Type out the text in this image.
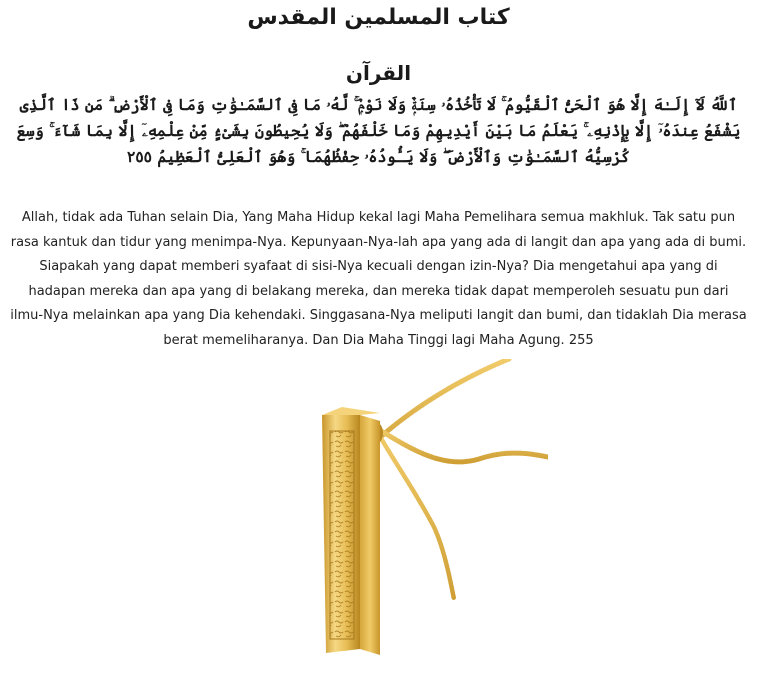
كتاب المسلمين المقدس
القرآن

ٱللَّهُ لَآ إِلَـٰهَ إِلَّا هُوَ ٱلْحَىُّ ٱلْقَيُّومُ ۚ لَا تَأْخُذُهُۥ سِنَةٌۭ وَلَا نَوْمٌۭ ۚ لَّهُۥ مَا فِى ٱلسَّمَـٰوَٰتِ وَمَا فِى ٱلْأَرْضِ ۗ مَن ذَا ٱلَّذِى يَشْفَعُ عِندَهُۥٓ إِلَّا بِإِذْنِهِۦ ۚ يَعْلَمُ مَا بَيْنَ أَيْدِيهِمْ وَمَا خَلْفَهُمْ ۖ وَلَا يُحِيطُونَ بِشَىْءٍۢ مِّنْ عِلْمِهِۦٓ إِلَّا بِمَا شَآءَ ۚ وَسِعَ كُرْسِيُّهُ ٱلسَّمَـٰوَٰتِ وَٱلْأَرْضَ ۖ وَلَا يَـُٔودُهُۥ حِفْظُهُمَا ۚ وَهُوَ ٱلْعَلِىُّ ٱلْعَظِيمُ ٢٥٥

Allah, tidak ada Tuhan selain Dia, Yang Maha Hidup kekal lagi Maha Pemelihara semua makhluk. Tak satu pun rasa kantuk dan tidur yang menimpa-Nya. Kepunyaan-Nya-lah apa yang ada di langit dan apa yang ada di bumi. Siapakah yang dapat memberi syafaat di sisi-Nya kecuali dengan izin-Nya? Dia mengetahui apa yang di hadapan mereka dan apa yang di belakang mereka, dan mereka tidak dapat memperoleh sesuatu pun dari ilmu-Nya melainkan apa yang Dia kehendaki. Singgasana-Nya meliputi langit dan bumi, dan tidaklah Dia merasa berat memeliharanya. Dan Dia Maha Tinggi lagi Maha Agung. 255
